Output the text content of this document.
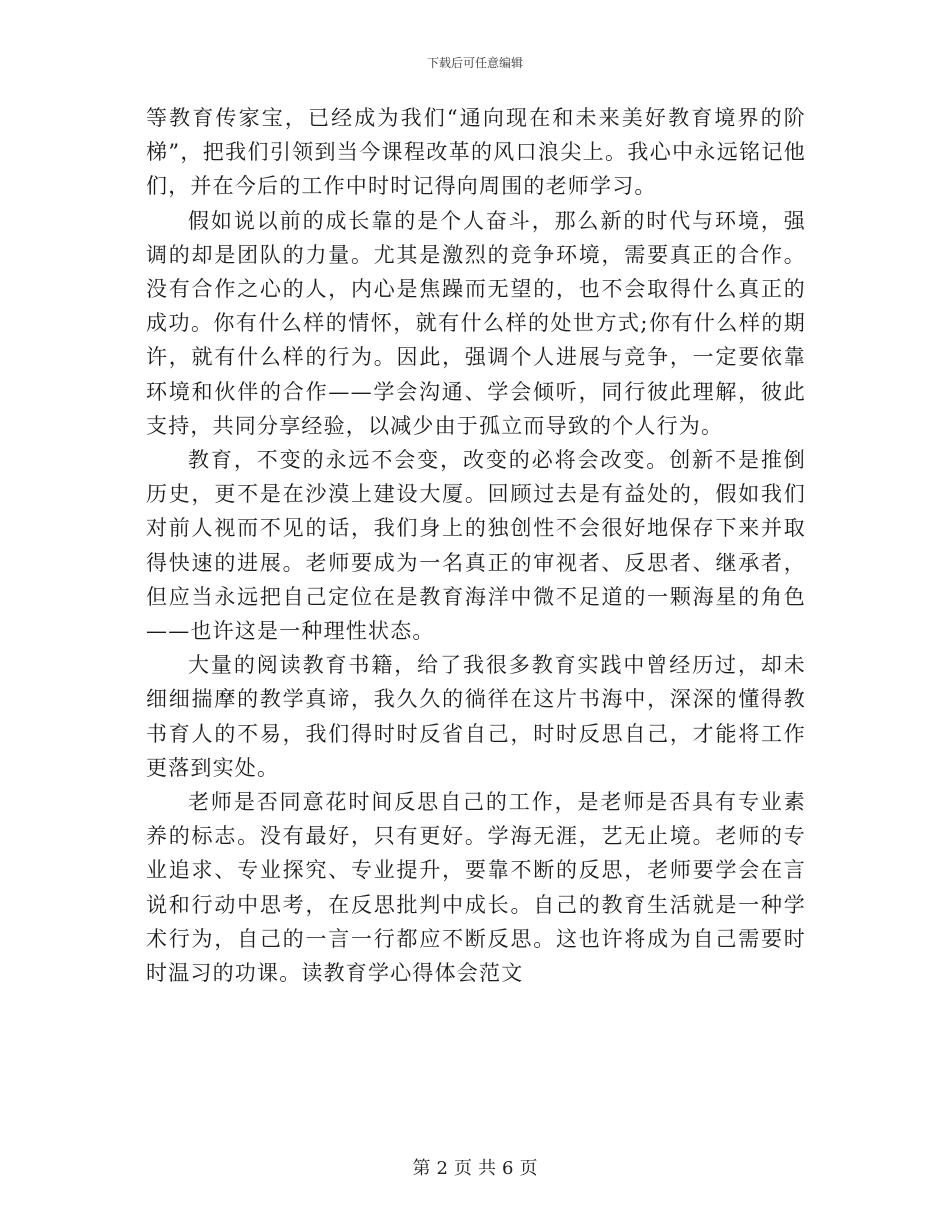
下载后可任意编辑

等教育传家宝，已经成为我们“通向现在和未来美好教育境界的阶梯”，把我们引领到当今课程改革的风口浪尖上。我心中永远铭记他们，并在今后的工作中时时记得向周围的老师学习。

假如说以前的成长靠的是个人奋斗，那么新的时代与环境，强调的却是团队的力量。尤其是激烈的竞争环境，需要真正的合作。没有合作之心的人，内心是焦躁而无望的，也不会取得什么真正的成功。你有什么样的情怀，就有什么样的处世方式;你有什么样的期许，就有什么样的行为。因此，强调个人进展与竞争，一定要依靠环境和伙伴的合作——学会沟通、学会倾听，同行彼此理解，彼此支持，共同分享经验，以减少由于孤立而导致的个人行为。

教育，不变的永远不会变，改变的必将会改变。创新不是推倒历史，更不是在沙漠上建设大厦。回顾过去是有益处的，假如我们对前人视而不见的话，我们身上的独创性不会很好地保存下来并取得快速的进展。老师要成为一名真正的审视者、反思者、继承者，但应当永远把自己定位在是教育海洋中微不足道的一颗海星的角色——也许这是一种理性状态。

大量的阅读教育书籍，给了我很多教育实践中曾经历过，却未细细揣摩的教学真谛，我久久的徜徉在这片书海中，深深的懂得教书育人的不易，我们得时时反省自己，时时反思自己，才能将工作更落到实处。

老师是否同意花时间反思自己的工作，是老师是否具有专业素养的标志。没有最好，只有更好。学海无涯，艺无止境。老师的专业追求、专业探究、专业提升，要靠不断的反思，老师要学会在言说和行动中思考，在反思批判中成长。自己的教育生活就是一种学术行为，自己的一言一行都应不断反思。这也许将成为自己需要时时温习的功课。读教育学心得体会范文

第 2 页 共 6 页
